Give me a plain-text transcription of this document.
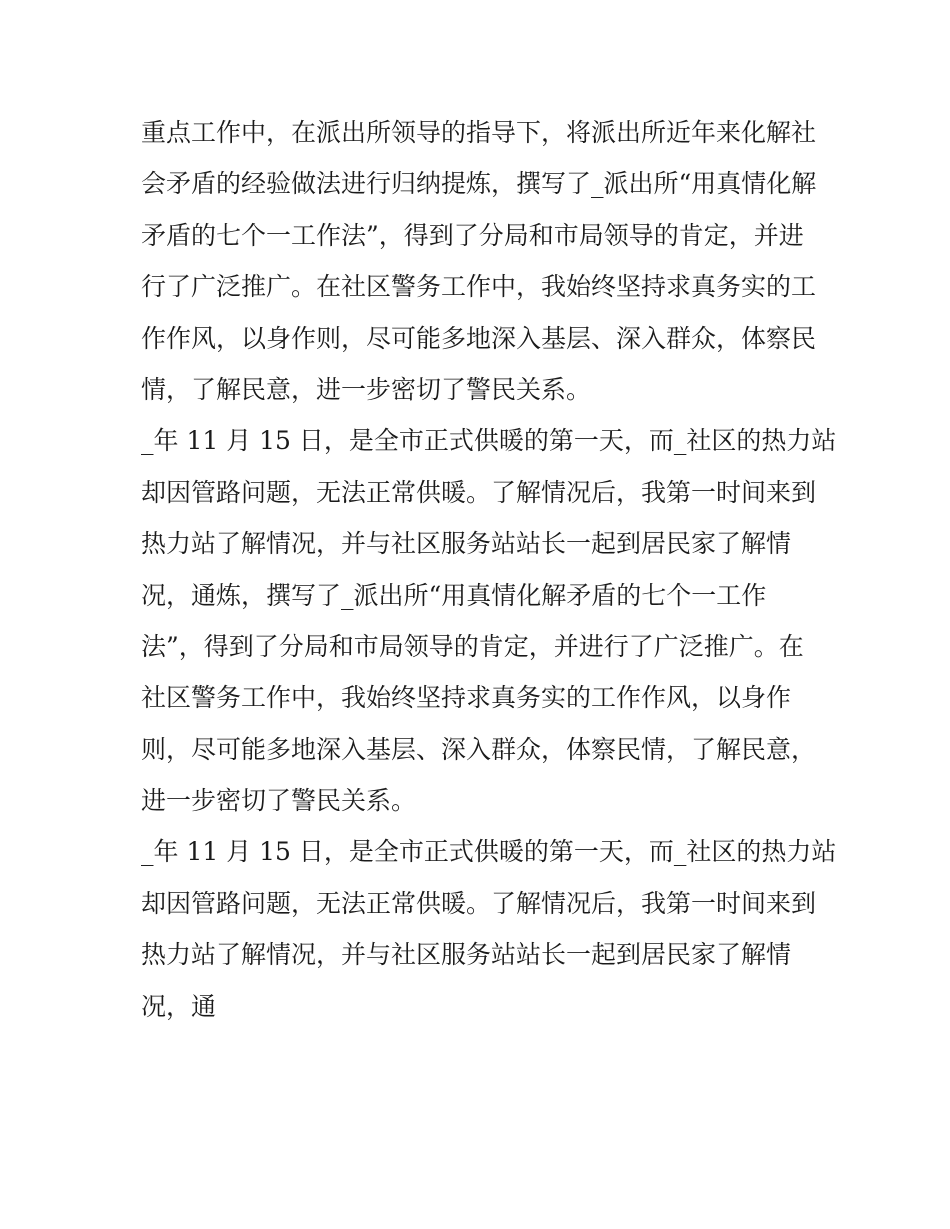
重点工作中，在派出所领导的指导下，将派出所近年来化解社
会矛盾的经验做法进行归纳提炼，撰写了_派出所“用真情化解
矛盾的七个一工作法”，得到了分局和市局领导的肯定，并进
行了广泛推广。在社区警务工作中，我始终坚持求真务实的工
作作风，以身作则，尽可能多地深入基层、深入群众，体察民
情，了解民意，进一步密切了警民关系。
_年 11 月 15 日，是全市正式供暖的第一天，而_社区的热力站
却因管路问题，无法正常供暖。了解情况后，我第一时间来到
热力站了解情况，并与社区服务站站长一起到居民家了解情
况，通炼，撰写了_派出所“用真情化解矛盾的七个一工作
法”，得到了分局和市局领导的肯定，并进行了广泛推广。在
社区警务工作中，我始终坚持求真务实的工作作风，以身作
则，尽可能多地深入基层、深入群众，体察民情，了解民意，
进一步密切了警民关系。
_年 11 月 15 日，是全市正式供暖的第一天，而_社区的热力站
却因管路问题，无法正常供暖。了解情况后，我第一时间来到
热力站了解情况，并与社区服务站站长一起到居民家了解情
况，通
